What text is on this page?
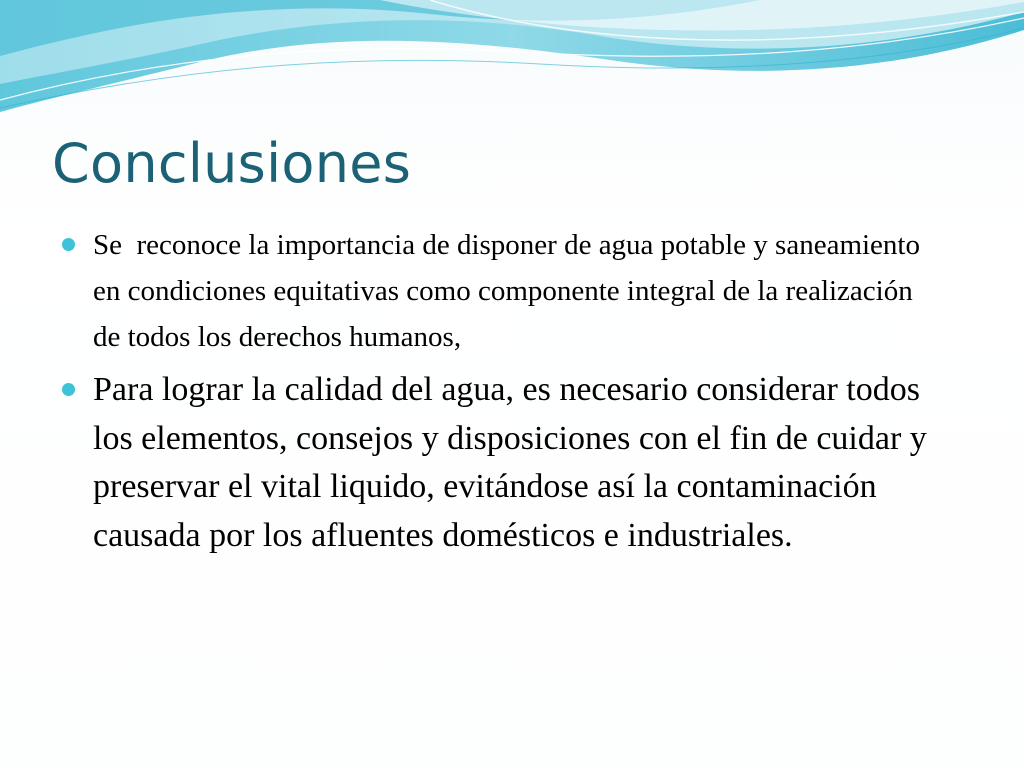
Conclusiones
Se  reconoce la importancia de disponer de agua potable y saneamiento en condiciones equitativas como componente integral de la realización de todos los derechos humanos,
Para lograr la calidad del agua, es necesario considerar todos los elementos, consejos y disposiciones con el fin de cuidar y preservar el vital liquido, evitándose así la contaminación causada por los afluentes domésticos e industriales.
